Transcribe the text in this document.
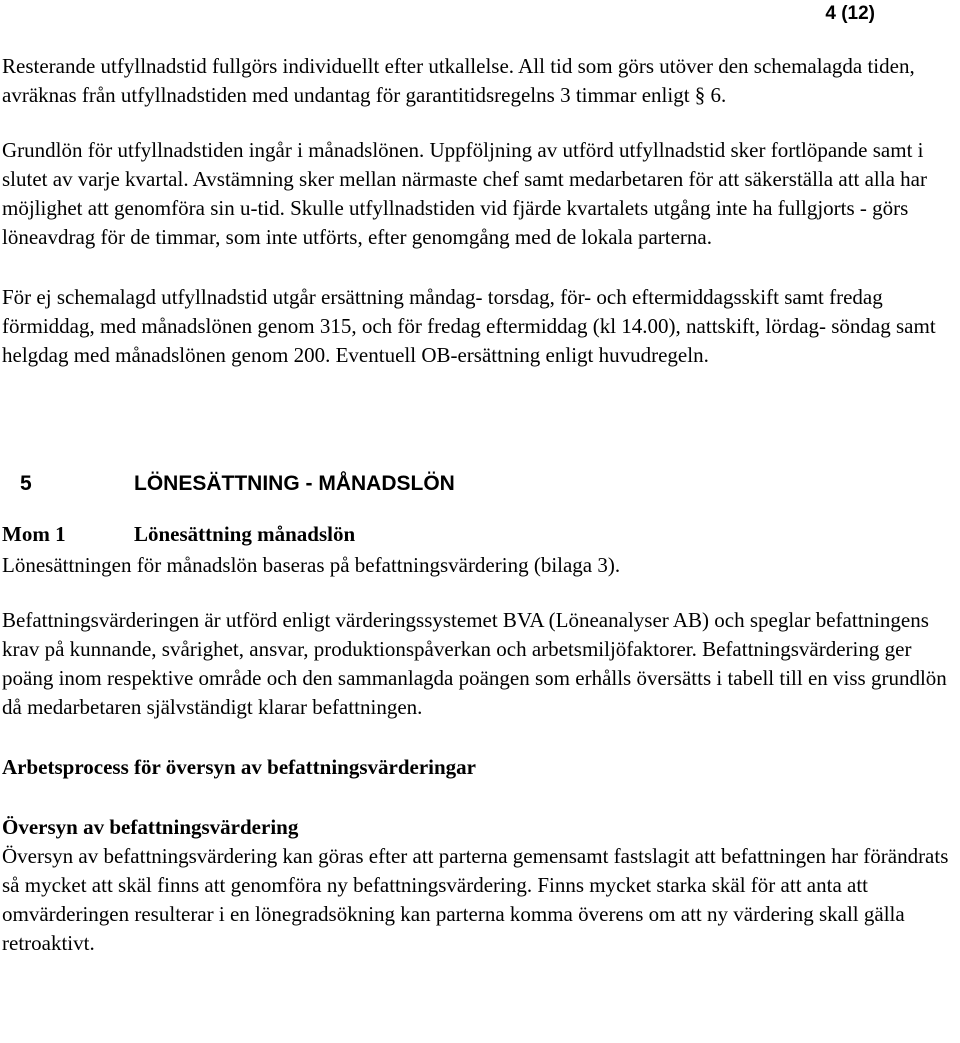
4 (12)

Resterande utfyllnadstid fullgörs individuellt efter utkallelse. All tid som görs utöver den schemalagda tiden, avräknas från utfyllnadstiden med undantag för garantitidsregelns 3 timmar enligt § 6.

Grundlön för utfyllnadstiden ingår i månadslönen. Uppföljning av utförd utfyllnadstid sker fortlöpande samt i slutet av varje kvartal. Avstämning sker mellan närmaste chef samt medarbetaren för att säkerställa att alla har möjlighet att genomföra sin u-tid. Skulle utfyllnadstiden vid fjärde kvartalets utgång inte ha fullgjorts - görs löneavdrag för de timmar, som inte utförts, efter genomgång med de lokala parterna.

För ej schemalagd utfyllnadstid utgår ersättning måndag- torsdag, för- och eftermiddagsskift samt fredag förmiddag, med månadslönen genom 315, och för fredag eftermiddag (kl 14.00), nattskift, lördag- söndag samt helgdag med månadslönen genom 200. Eventuell OB-ersättning enligt huvudregeln.

5	LÖNESÄTTNING - MÅNADSLÖN
Mom 1	Lönesättning månadslön

Lönesättningen för månadslön baseras på befattningsvärdering (bilaga 3).

Befattningsvärderingen är utförd enligt värderingssystemet BVA (Löneanalyser AB) och speglar befattningens krav på kunnande, svårighet, ansvar, produktionspåverkan och arbetsmiljöfaktorer. Befattningsvärdering ger poäng inom respektive område och den sammanlagda poängen som erhålls översätts i tabell till en viss grundlön då medarbetaren självständigt klarar befattningen.

Arbetsprocess för översyn av befattningsvärderingar

Översyn av befattningsvärdering

Översyn av befattningsvärdering kan göras efter att parterna gemensamt fastslagit att befattningen har förändrats så mycket att skäl finns att genomföra ny befattningsvärdering. Finns mycket starka skäl för att anta att omvärderingen resulterar i en lönegradsökning kan parterna komma överens om att ny värdering skall gälla retroaktivt.
